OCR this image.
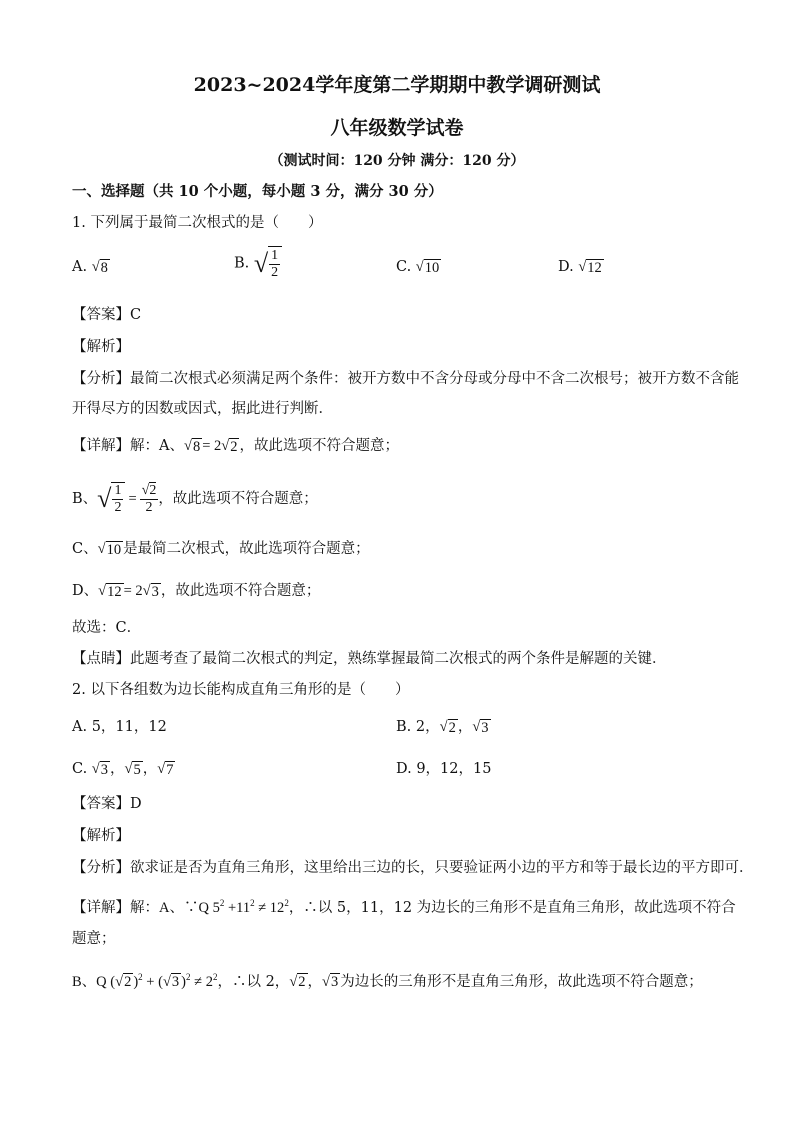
2023~2024学年度第二学期期中教学调研测试
八年级数学试卷
（测试时间：120 分钟 满分：120 分）
一、选择题（共 10 个小题，每小题 3 分，满分 30 分）
1. 下列属于最简二次根式的是（　　）
A. √8	B. √ $\frac{1}{2}$	C. √10	D. √12
【答案】C
【解析】
【分析】最简二次根式必须满足两个条件：被开方数中不含分母或分母中不含二次根号；被开方数不含能
开得尽方的因数或因式，据此进行判断．
【详解】解：A、√8 = 2√2 ，故此选项不符合题意；
B、√ $\frac{1}{2} = \frac{√2}{2}$ ，故此选项不符合题意；
C、√10 是最简二次根式，故此选项符合题意；
D、√12 = 2√3 ，故此选项不符合题意；
故选：C．
【点睛】此题考查了最简二次根式的判定，熟练掌握最简二次根式的两个条件是解题的关键．
2. 以下各组数为边长能构成直角三角形的是（　　）
A. 5，11，12	B. 2，√2 ，√3
C. √3 ，√5 ，√7	D. 9，12，15
【答案】D
【解析】
【分析】欲求证是否为直角三角形，这里给出三边的长，只要验证两小边的平方和等于最长边的平方即可．
【详解】解：A、∵Q $5^2 +11^2 \ne 12^2$，∴以 5，11，12 为边长的三角形不是直角三角形，故此选项不符合
题意；
B、Q (√2 )$^2$ + (√3 )$^2 \ne 2^2$，∴以 2，√2 ，√3 为边长的三角形不是直角三角形，故此选项不符合题意；
